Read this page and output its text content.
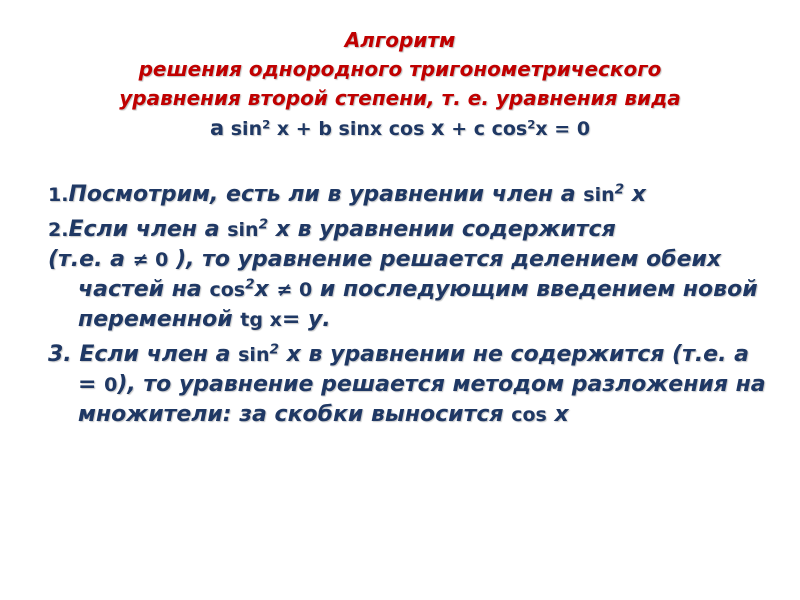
Алгоритм
решения однородного тригонометрического
уравнения второй степени, т. е. уравнения вида
а $\sin^2 x + b$ sinx cos x + c $\cos^2x = 0$
1.Посмотрим, есть ли в уравнении член а $\sin^2 x$
2.Если член а $\sin^2 x$ в уравнении содержится
(т.е. а ≠ 0 ), то уравнение решается делением обеих частей на $\cos^2x \ne 0$ и последующим введением новой переменной tg x= у.
3. Если член а $\sin^2 x$ в уравнении не содержится (т.е. а = 0), то уравнение решается методом разложения на множители: за скобки выносится cos x
